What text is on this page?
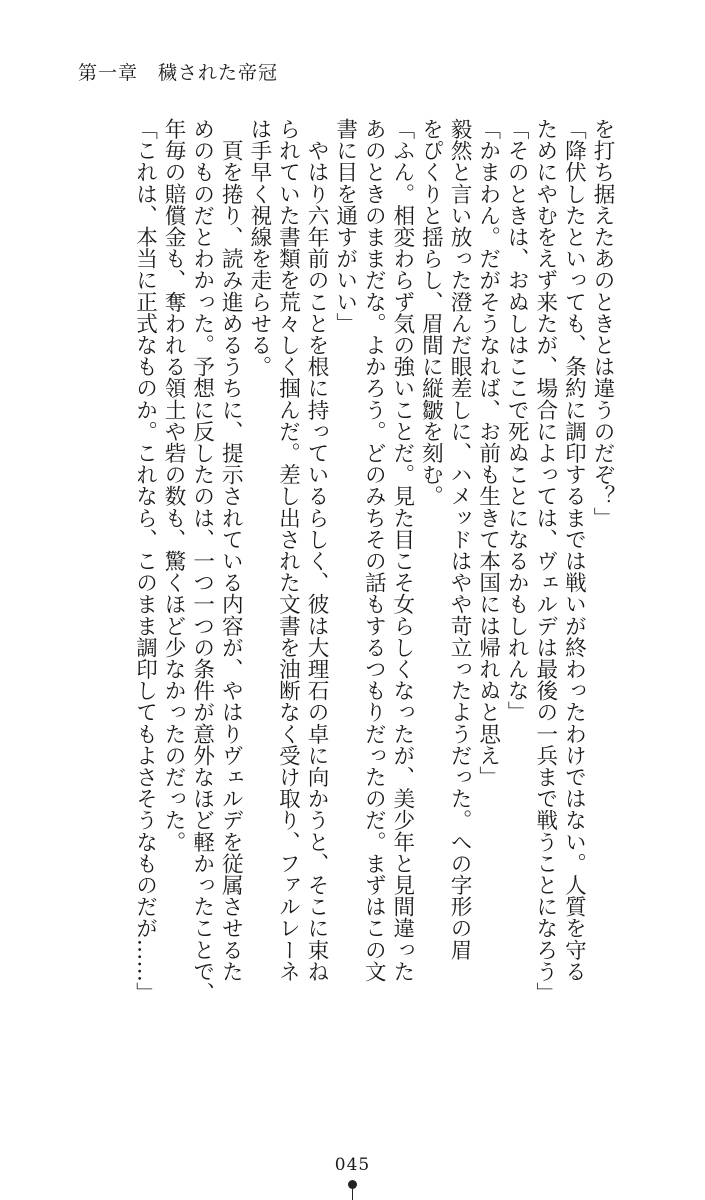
第一章　 穢された帝冠

を打ち据えたあのときとは違うのだぞ？」

「降伏したといっても、条約に調印するまでは戦いが終わったわけではない。人質を守る

ためにやむをえず来たが、場合によっては、ヴェルデは最後の一兵まで戦うことになろう」

「そのときは、おぬしはここで死ぬことになるかもしれんな」

「かまわん。だがそうなれば、お前も生きて本国には帰れぬと思え」

毅然と言い放った澄んだ眼差しに、ハメッドはやや苛立ったようだった。への字形の眉

をぴくりと揺らし、眉間に縦皺を刻む。

「ふん。相変わらず気の強いことだ。見た目こそ女らしくなったが、美少年と見間違った

あのときのままだな。よかろう。どのみちその話もするつもりだったのだ。まずはこの文

書に目を通すがいい」

　やはり六年前のことを根に持っているらしく、彼は大理石の卓に向かうと、そこに束ね

られていた書類を荒々しく掴んだ。差し出された文書を油断なく受け取り、ファルレーネ

は手早く視線を走らせる。

　頁を捲り、読み進めるうちに、提示されている内容が、やはりヴェルデを従属させるた

めのものだとわかった。予想に反したのは、一つ一つの条件が意外なほど軽かったことで、

年毎の賠償金も、奪われる領土や砦の数も、驚くほど少なかったのだった。

「これは、本当に正式なものか。これなら、このまま調印してもよさそうなものだが……」

045
